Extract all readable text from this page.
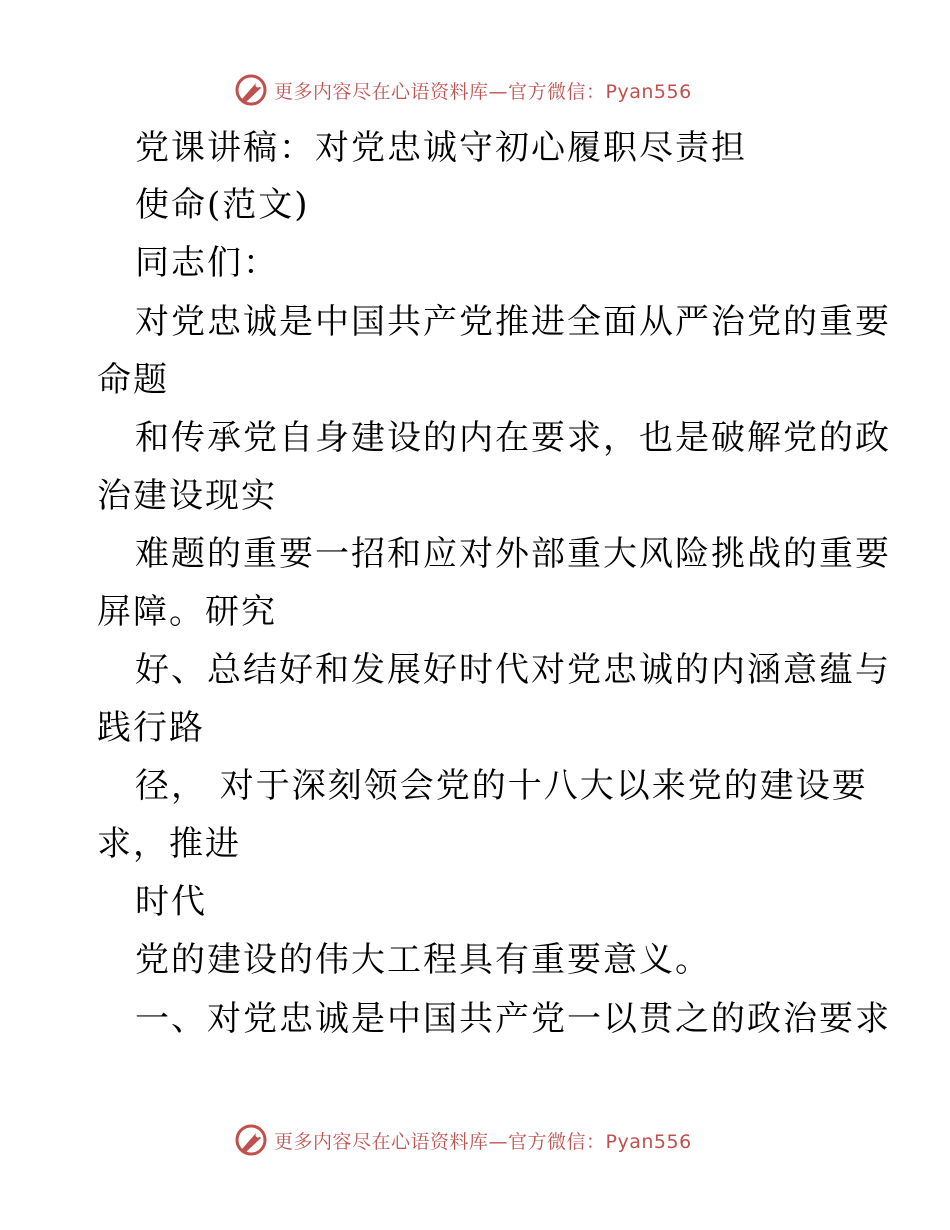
更多内容尽在心语资料库—官方微信：Pyan556
党课讲稿：对党忠诚守初心履职尽责担
使命(范文)
同志们：
对党忠诚是中国共产党推进全面从严治党的重要
命题
和传承党自身建设的内在要求，也是破解党的政
治建设现实
难题的重要一招和应对外部重大风险挑战的重要
屏障。研究
好、总结好和发展好时代对党忠诚的内涵意蕴与
践行路
径， 对于深刻领会党的十八大以来党的建设要
求，推进
时代
党的建设的伟大工程具有重要意义。
一、对党忠诚是中国共产党一以贯之的政治要求
更多内容尽在心语资料库—官方微信：Pyan556
